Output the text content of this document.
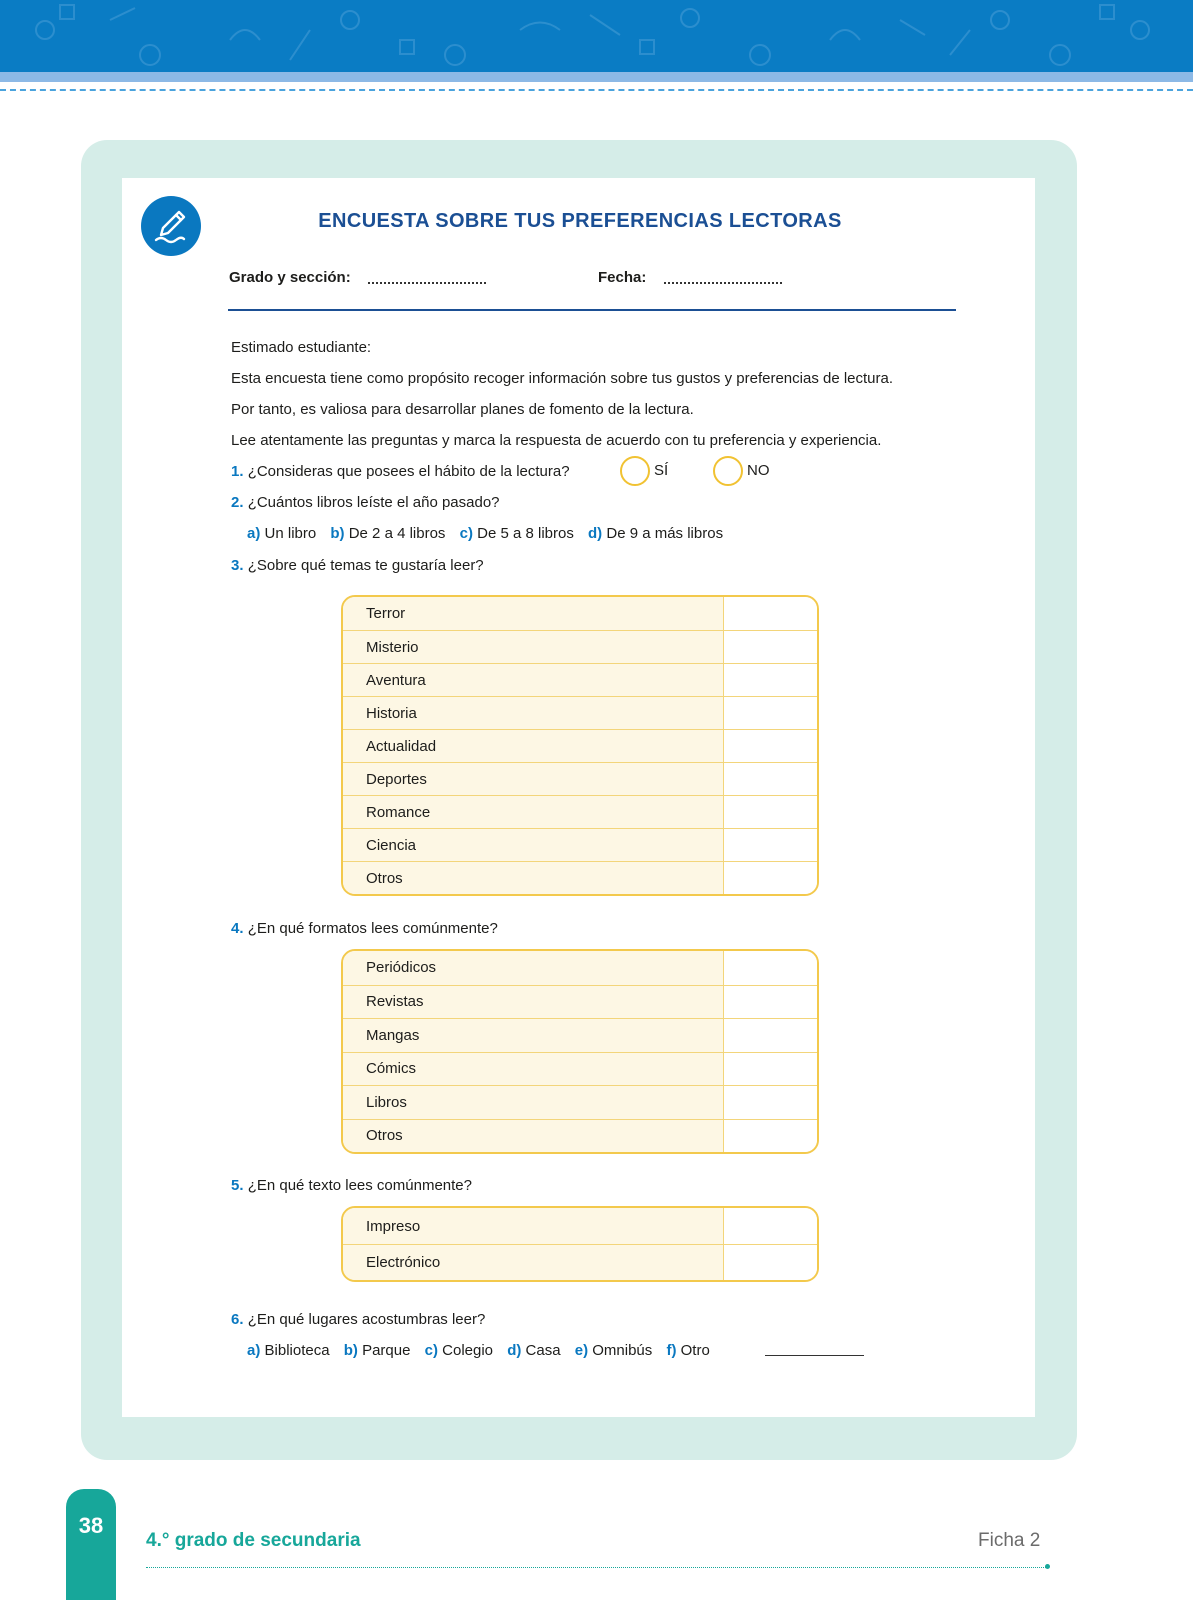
ENCUESTA SOBRE TUS PREFERENCIAS LECTORAS
Grado y sección:	Fecha:
Estimado estudiante:
Esta encuesta tiene como propósito recoger información sobre tus gustos y preferencias de lectura.
Por tanto, es valiosa para desarrollar planes de fomento de la lectura.
Lee atentamente las preguntas y marca la respuesta de acuerdo con tu preferencia y experiencia.
1. ¿Consideras que posees el hábito de la lectura?	SÍ	NO
2. ¿Cuántos libros leíste el año pasado?
a) Un libro b) De 2 a 4 libros c) De 5 a 8 libros d) De 9 a más libros
3. ¿Sobre qué temas te gustaría leer?
Terror
Misterio
Aventura
Historia
Actualidad
Deportes
Romance
Ciencia
Otros
4. ¿En qué formatos lees comúnmente?
Periódicos
Revistas
Mangas
Cómics
Libros
Otros
5. ¿En qué texto lees comúnmente?
Impreso
Electrónico
6. ¿En qué lugares acostumbras leer?
a) Biblioteca b) Parque c) Colegio d) Casa e) Omnibús f) Otro
38
4.° grado de secundaria	Ficha 2
